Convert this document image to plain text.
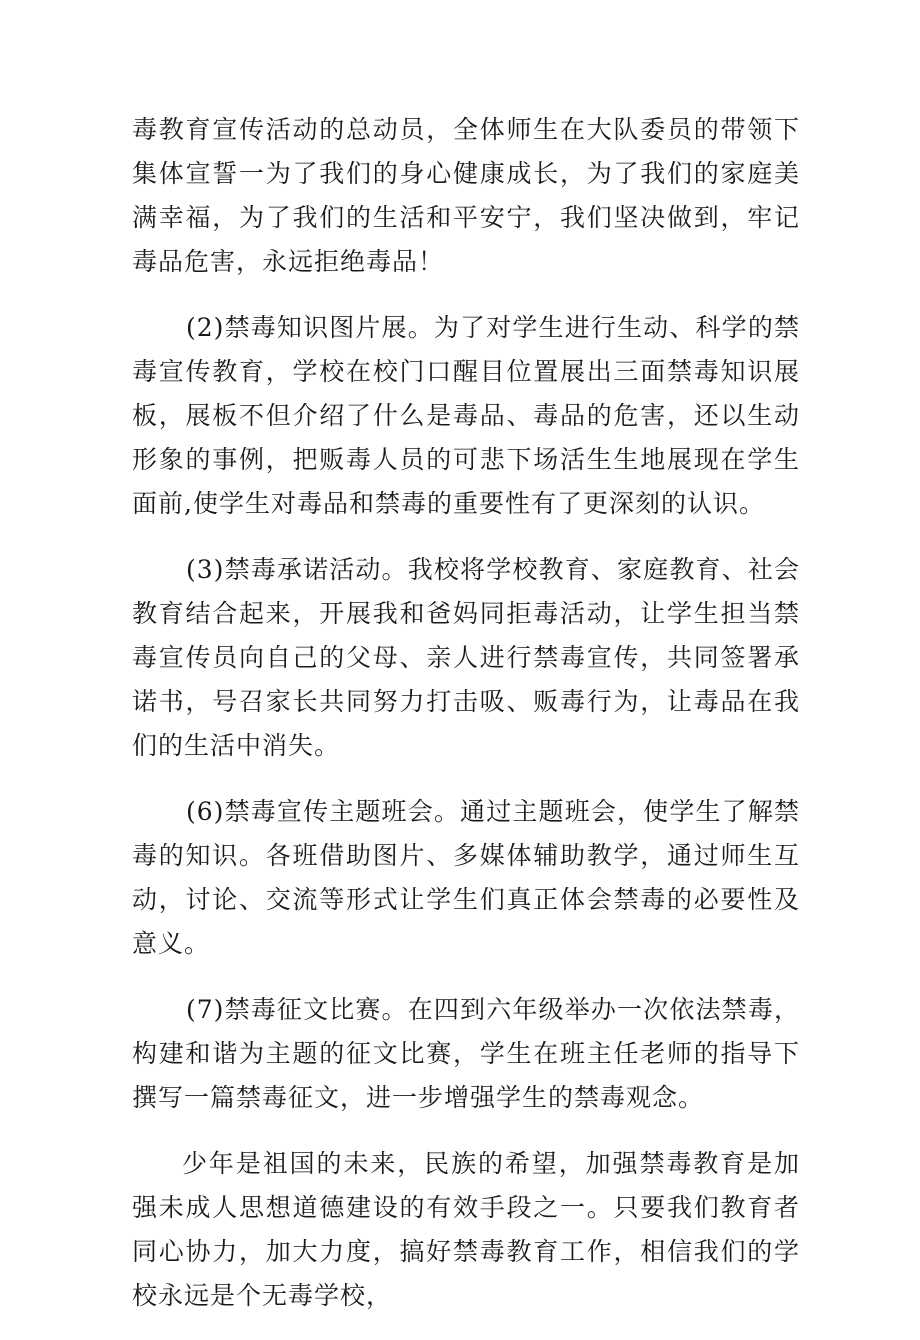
毒教育宣传活动的总动员，全体师生在大队委员的带领下集体宣誓一为了我们的身心健康成长，为了我们的家庭美满幸福，为了我们的生活和平安宁，我们坚决做到，牢记毒品危害，永远拒绝毒品！

(2)禁毒知识图片展。为了对学生进行生动、科学的禁毒宣传教育，学校在校门口醒目位置展出三面禁毒知识展板，展板不但介绍了什么是毒品、毒品的危害，还以生动形象的事例，把贩毒人员的可悲下场活生生地展现在学生面前,使学生对毒品和禁毒的重要性有了更深刻的认识。

(3)禁毒承诺活动。我校将学校教育、家庭教育、社会教育结合起来，开展我和爸妈同拒毒活动，让学生担当禁毒宣传员向自己的父母、亲人进行禁毒宣传，共同签署承诺书，号召家长共同努力打击吸、贩毒行为，让毒品在我们的生活中消失。

(6)禁毒宣传主题班会。通过主题班会，使学生了解禁毒的知识。各班借助图片、多媒体辅助教学，通过师生互动，讨论、交流等形式让学生们真正体会禁毒的必要性及意义。

(7)禁毒征文比赛。在四到六年级举办一次依法禁毒，构建和谐为主题的征文比赛，学生在班主任老师的指导下撰写一篇禁毒征文，进一步增强学生的禁毒观念。

少年是祖国的未来，民族的希望，加强禁毒教育是加强未成人思想道德建设的有效手段之一。只要我们教育者同心协力，加大力度，搞好禁毒教育工作，相信我们的学校永远是个无毒学校，
